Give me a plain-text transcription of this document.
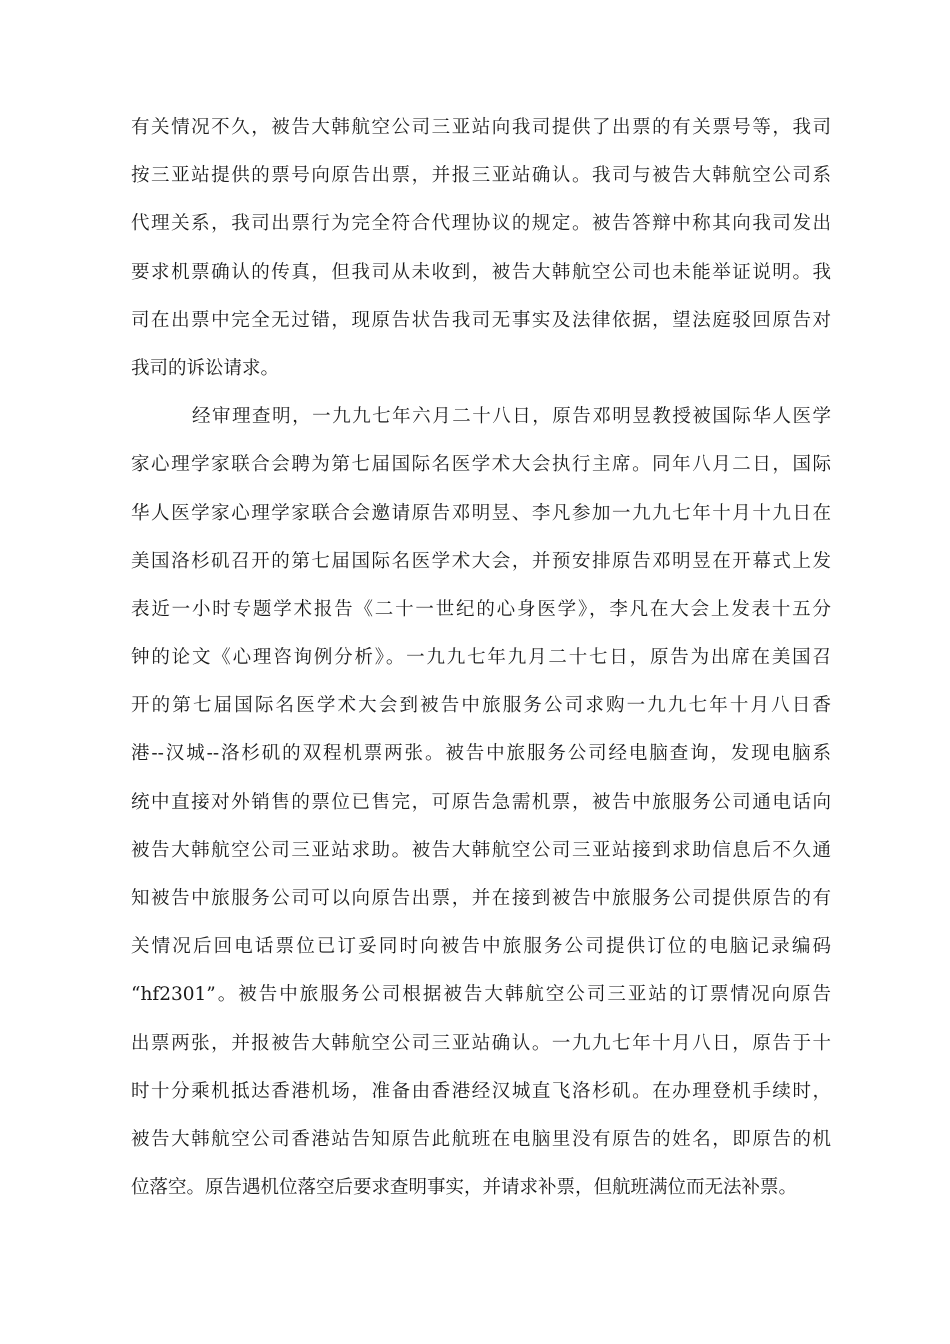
有关情况不久，被告大韩航空公司三亚站向我司提供了出票的有关票号等，我司
按三亚站提供的票号向原告出票，并报三亚站确认。我司与被告大韩航空公司系
代理关系，我司出票行为完全符合代理协议的规定。被告答辩中称其向我司发出
要求机票确认的传真，但我司从未收到，被告大韩航空公司也未能举证说明。我
司在出票中完全无过错，现原告状告我司无事实及法律依据，望法庭驳回原告对
我司的诉讼请求。
经审理查明，一九九七年六月二十八日，原告邓明昱教授被国际华人医学
家心理学家联合会聘为第七届国际名医学术大会执行主席。同年八月二日，国际
华人医学家心理学家联合会邀请原告邓明昱、李凡参加一九九七年十月十九日在
美国洛杉矶召开的第七届国际名医学术大会，并预安排原告邓明昱在开幕式上发
表近一小时专题学术报告《二十一世纪的心身医学》，李凡在大会上发表十五分
钟的论文《心理咨询例分析》。一九九七年九月二十七日，原告为出席在美国召
开的第七届国际名医学术大会到被告中旅服务公司求购一九九七年十月八日香
港--汉城--洛杉矶的双程机票两张。被告中旅服务公司经电脑查询，发现电脑系
统中直接对外销售的票位已售完，可原告急需机票，被告中旅服务公司通电话向
被告大韩航空公司三亚站求助。被告大韩航空公司三亚站接到求助信息后不久通
知被告中旅服务公司可以向原告出票，并在接到被告中旅服务公司提供原告的有
关情况后回电话票位已订妥同时向被告中旅服务公司提供订位的电脑记录编码
“hf2301”。被告中旅服务公司根据被告大韩航空公司三亚站的订票情况向原告
出票两张，并报被告大韩航空公司三亚站确认。一九九七年十月八日，原告于十
时十分乘机抵达香港机场，准备由香港经汉城直飞洛杉矶。在办理登机手续时，
被告大韩航空公司香港站告知原告此航班在电脑里没有原告的姓名，即原告的机
位落空。原告遇机位落空后要求查明事实，并请求补票，但航班满位而无法补票。
